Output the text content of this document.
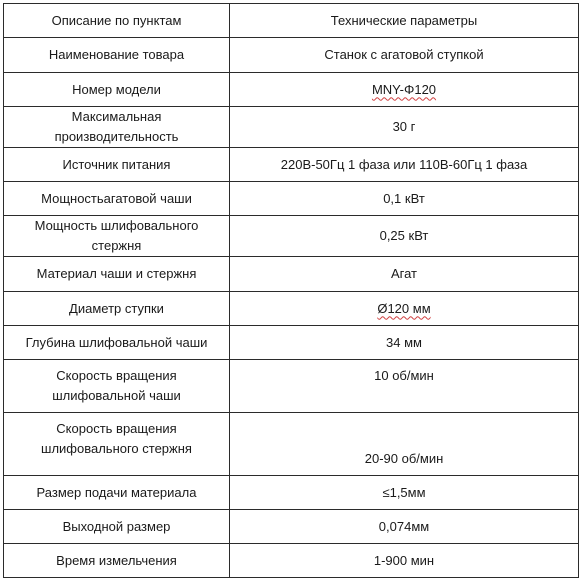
Описание по пунктам	Технические параметры
Наименование товара	Станок с агатовой ступкой
Номер модели	MNY-Φ120
Максимальная производительность	30 г
Источник питания	220В-50Гц 1 фаза или 110В-60Гц 1 фаза
Мощностьагатовой чаши	0,1 кВт
Мощность шлифовального стержня	0,25 кВт
Материал чаши и стержня	Агат
Диаметр ступки	Ø120 мм
Глубина шлифовальной чаши	34 мм
Скорость вращения шлифовальной чаши	10 об/мин
Скорость вращения шлифовального стержня	20-90 об/мин
Размер подачи материала	≤1,5мм
Выходной размер	0,074мм
Время измельчения	1-900 мин
